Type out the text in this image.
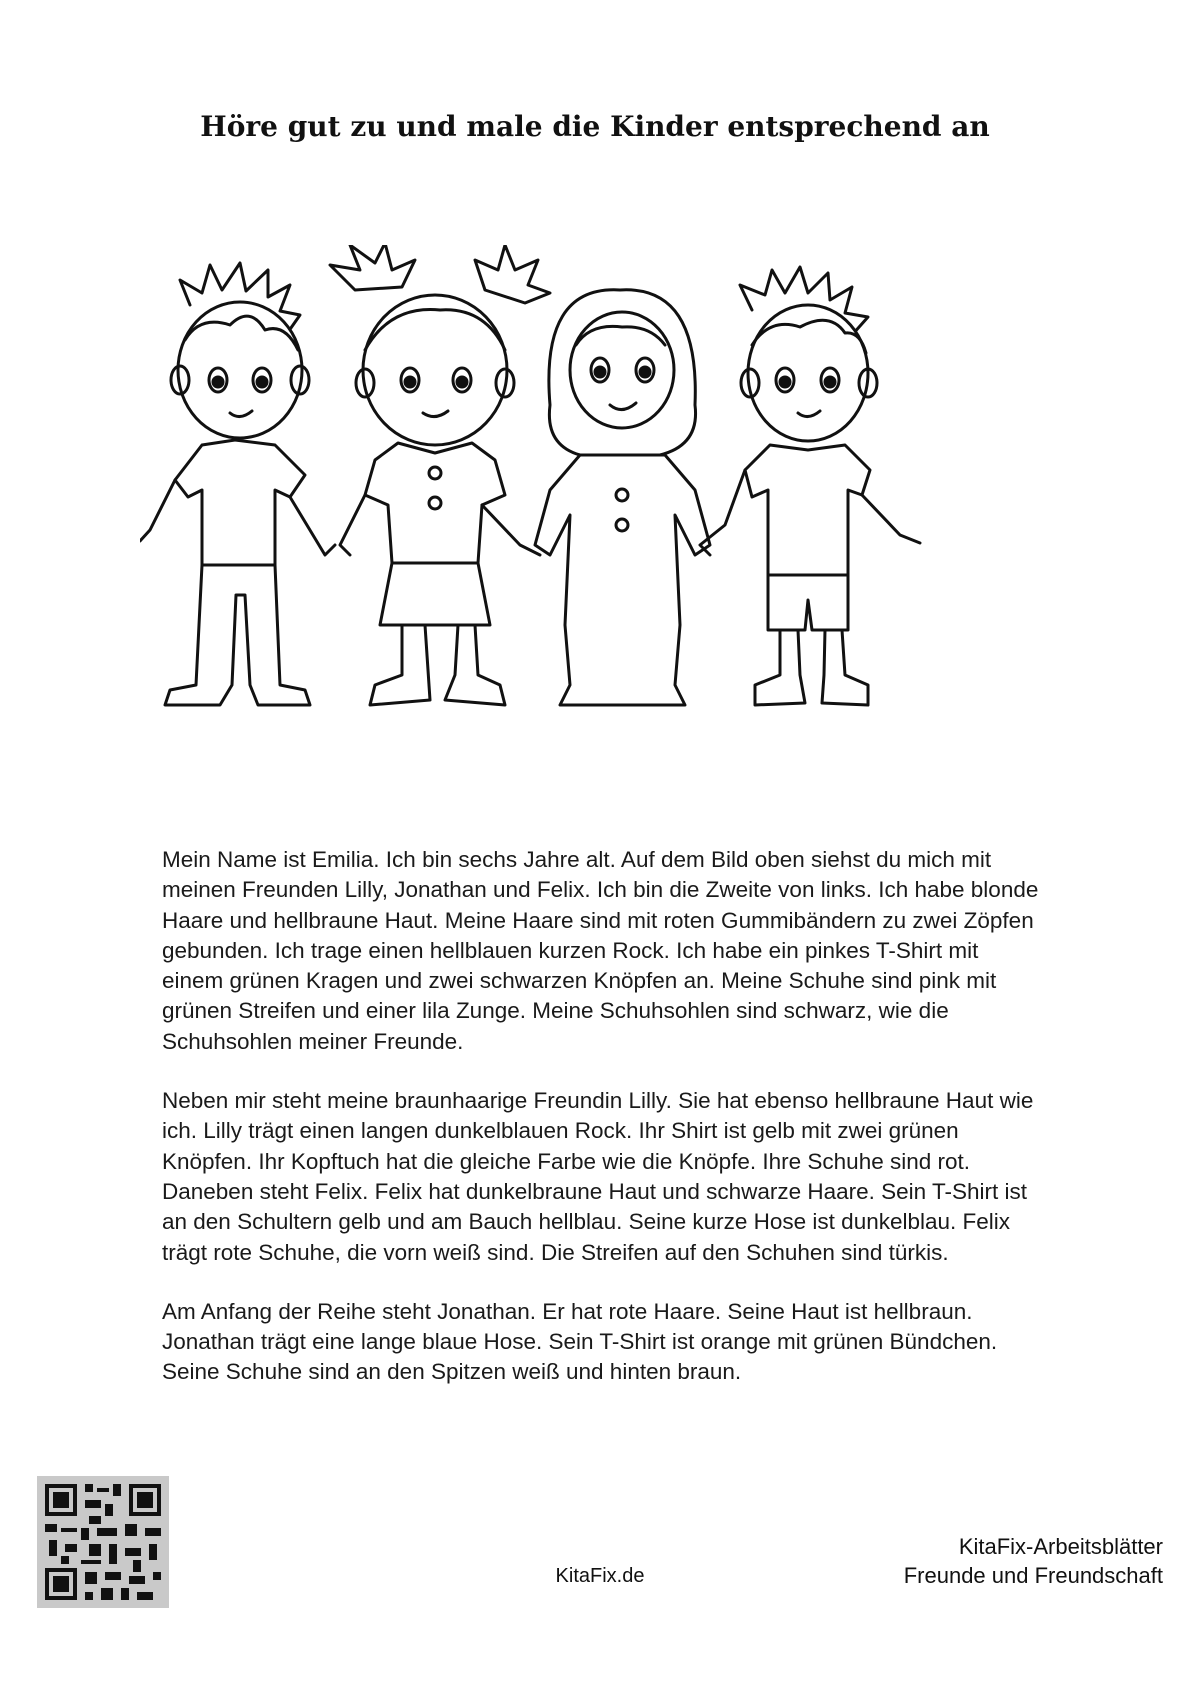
Höre gut zu und male die Kinder entsprechend an

Mein Name ist Emilia. Ich bin sechs Jahre alt. Auf dem Bild oben siehst du mich mit meinen Freunden Lilly, Jonathan und Felix. Ich bin die Zweite von links. Ich habe blonde Haare und hellbraune Haut. Meine Haare sind mit roten Gummibändern zu zwei Zöpfen gebunden. Ich trage einen hellblauen kurzen Rock. Ich habe ein pinkes T-Shirt mit einem grünen Kragen und zwei schwarzen Knöpfen an. Meine Schuhe sind pink mit grünen Streifen und einer lila Zunge. Meine Schuhsohlen sind schwarz, wie die Schuhsohlen meiner Freunde.

Neben mir steht meine braunhaarige Freundin Lilly. Sie hat ebenso hellbraune Haut wie ich. Lilly trägt einen langen dunkelblauen Rock. Ihr Shirt ist gelb mit zwei grünen Knöpfen. Ihr Kopftuch hat die gleiche Farbe wie die Knöpfe. Ihre Schuhe sind rot. Daneben steht Felix. Felix hat dunkelbraune Haut und schwarze Haare. Sein T-Shirt ist an den Schultern gelb und am Bauch hellblau. Seine kurze Hose ist dunkelblau. Felix trägt rote Schuhe, die vorn weiß sind. Die Streifen auf den Schuhen sind türkis.

Am Anfang der Reihe steht Jonathan. Er hat rote Haare. Seine Haut ist hellbraun. Jonathan trägt eine lange blaue Hose. Sein T-Shirt ist orange mit grünen Bündchen. Seine Schuhe sind an den Spitzen weiß und hinten braun.

KitaFix.de
KitaFix-Arbeitsblätter
Freunde und Freundschaft
